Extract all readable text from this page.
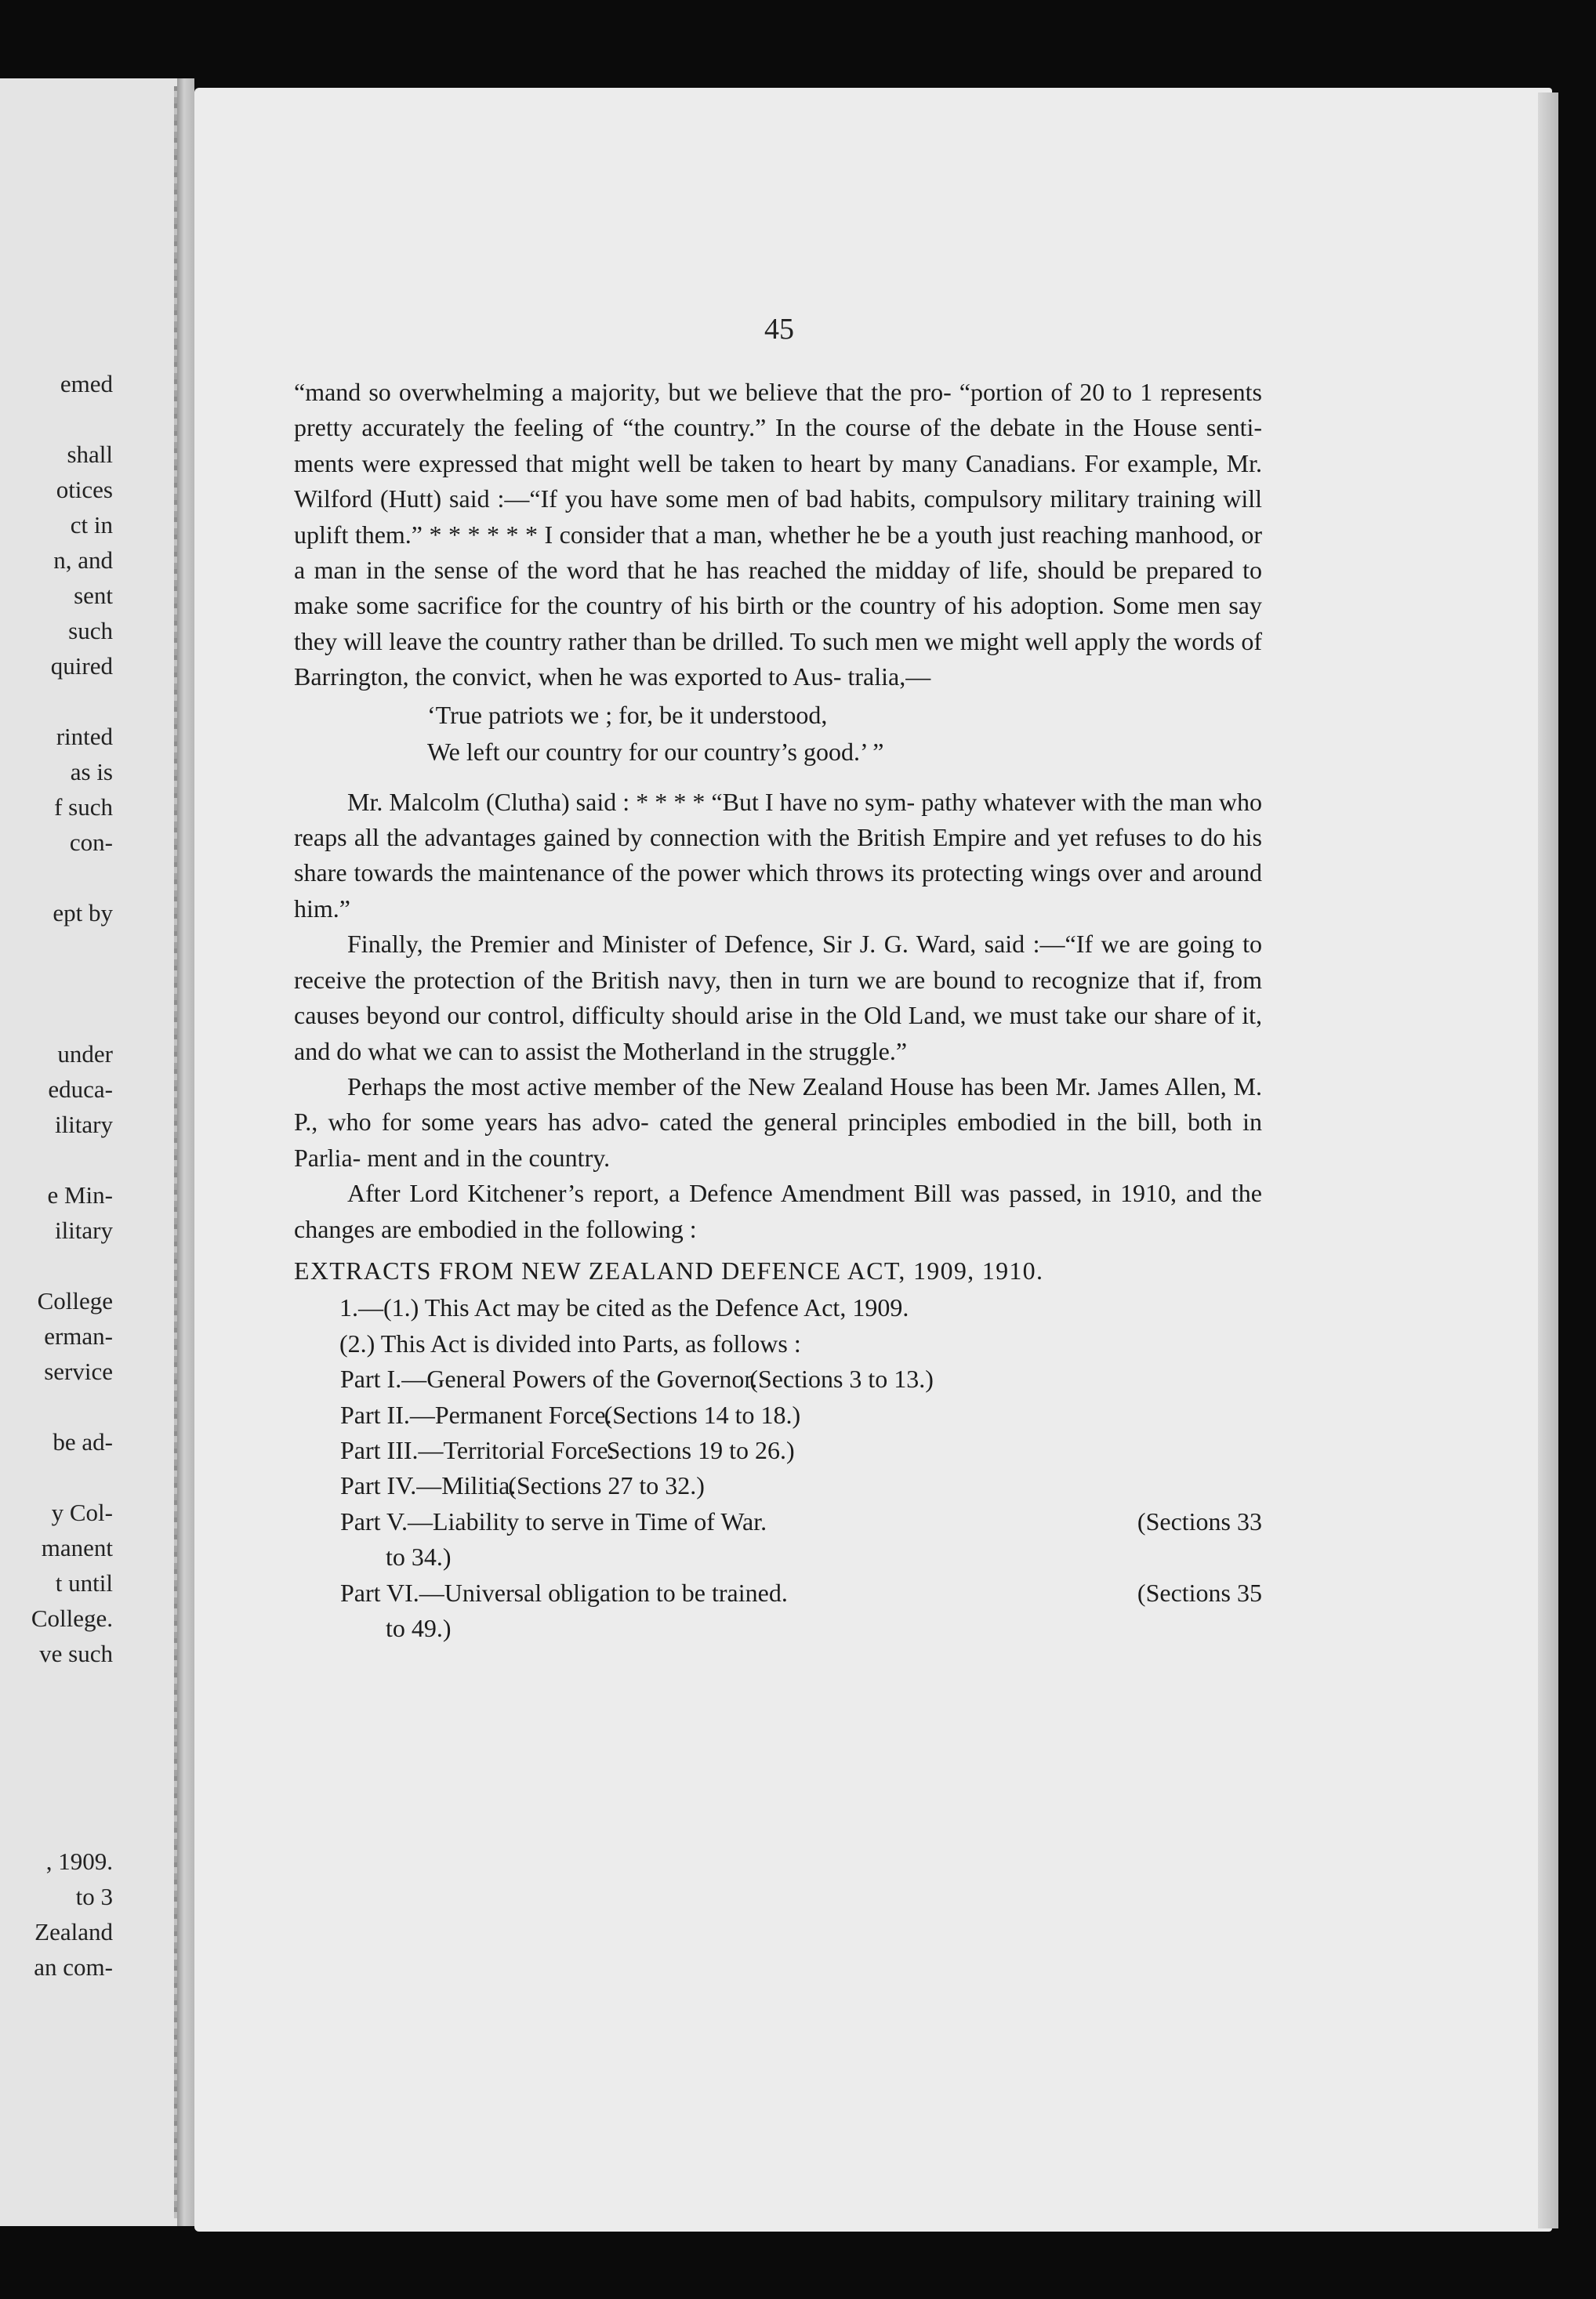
emed
shall
otices
ct in
n, and
sent
such
quired
rinted
as is
f such
con-
ept by
under
educa-
ilitary
e Min-
ilitary
College
erman-
service
be ad-
y Col-
manent
t until
College.
ve such
, 1909.
to 3
Zealand
an com-
45

“mand so overwhelming a majority, but we believe that the pro- “portion of 20 to 1 represents pretty accurately the feeling of “the country.” In the course of the debate in the House senti- ments were expressed that might well be taken to heart by many Canadians. For example, Mr. Wilford (Hutt) said :—“If you have some men of bad habits, compulsory military training will uplift them.” * * * * * * I consider that a man, whether he be a youth just reaching manhood, or a man in the sense of the word that he has reached the midday of life, should be prepared to make some sacrifice for the country of his birth or the country of his adoption. Some men say they will leave the country rather than be drilled. To such men we might well apply the words of Barrington, the convict, when he was exported to Aus- tralia,—

‘True patriots we ; for, be it understood,
We left our country for our country’s good.’ ”

Mr. Malcolm (Clutha) said : * * * * “But I have no sym- pathy whatever with the man who reaps all the advantages gained by connection with the British Empire and yet refuses to do his share towards the maintenance of the power which throws its protecting wings over and around him.”

Finally, the Premier and Minister of Defence, Sir J. G. Ward, said :—“If we are going to receive the protection of the British navy, then in turn we are bound to recognize that if, from causes beyond our control, difficulty should arise in the Old Land, we must take our share of it, and do what we can to assist the Motherland in the struggle.”

Perhaps the most active member of the New Zealand House has been Mr. James Allen, M. P., who for some years has advo- cated the general principles embodied in the bill, both in Parlia- ment and in the country.

After Lord Kitchener’s report, a Defence Amendment Bill was passed, in 1910, and the changes are embodied in the following :

EXTRACTS FROM NEW ZEALAND DEFENCE ACT, 1909, 1910.

1.—(1.) This Act may be cited as the Defence Act, 1909.

(2.) This Act is divided into Parts, as follows :

Part I.—General Powers of the Governor.
(Sections 3 to 13.)
Part II.—Permanent Force.
(Sections 14 to 18.)
Part III.—Territorial Force.
Sections 19 to 26.)
Part IV.—Militia.
(Sections 27 to 32.)
Part V.—Liability to serve in Time of War.	(Sections 33
to 34.)
Part VI.—Universal obligation to be trained.	(Sections 35
to 49.)
